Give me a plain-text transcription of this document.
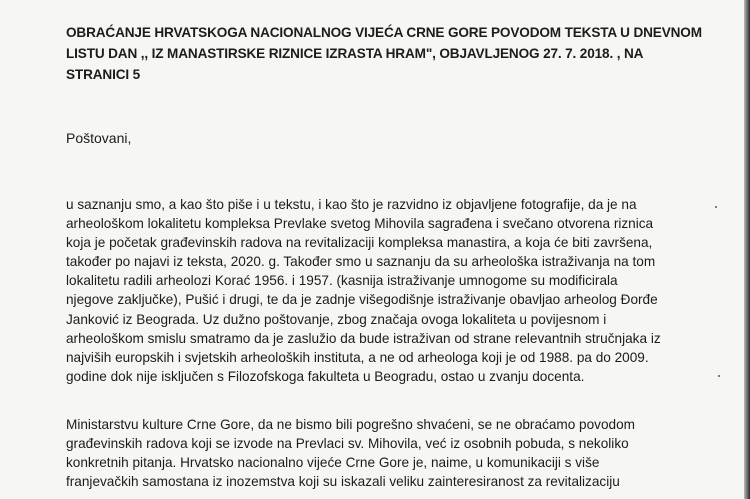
OBRAĆANJE HRVATSKOGA NACIONALNOG VIJEĆA CRNE GORE POVODOM TEKSTA U DNEVNOM
LISTU DAN ,, IZ MANASTIRSKE RIZNICE IZRASTA HRAM", OBJAVLJENOG 27. 7. 2018. , NA
STRANICI 5
Poštovani,
u saznanju smo, a kao što piše i u tekstu, i kao što je razvidno iz objavljene fotografije, da je na
arheološkom lokalitetu kompleksa Prevlake svetog Mihovila sagrađena i svečano otvorena riznica
koja je početak građevinskih radova na revitalizaciji kompleksa manastira, a koja će biti završena,
također po najavi iz teksta, 2020. g. Također smo u saznanju da su arheološka istraživanja na tom
lokalitetu radili arheolozi Korać 1956. i 1957. (kasnija istraživanje umnogome su modificirala
njegove zaključke), Pušić i drugi, te da je zadnje višegodišnje istraživanje obavljao arheolog Đorđe
Janković iz Beograda. Uz dužno poštovanje, zbog značaja ovoga lokaliteta u povijesnom i
arheološkom smislu smatramo da je zaslužio da bude istraživan od strane relevantnih stručnjaka iz
najviših europskih i svjetskih arheoloških instituta, a ne od arheologa koji je od 1988. pa do 2009.
godine dok nije isključen s Filozofskoga fakulteta u Beogradu, ostao u zvanju docenta.
Ministarstvu kulture Crne Gore, da ne bismo bili pogrešno shvaćeni, se ne obraćamo povodom
građevinskih radova koji se izvode na Prevlaci sv. Mihovila, već iz osobnih pobuda, s nekoliko
konkretnih pitanja. Hrvatsko nacionalno vijeće Crne Gore je, naime, u komunikaciji s više
franjevačkih samostana iz inozemstva koji su iskazali veliku zainteresiranost za revitalizaciju
